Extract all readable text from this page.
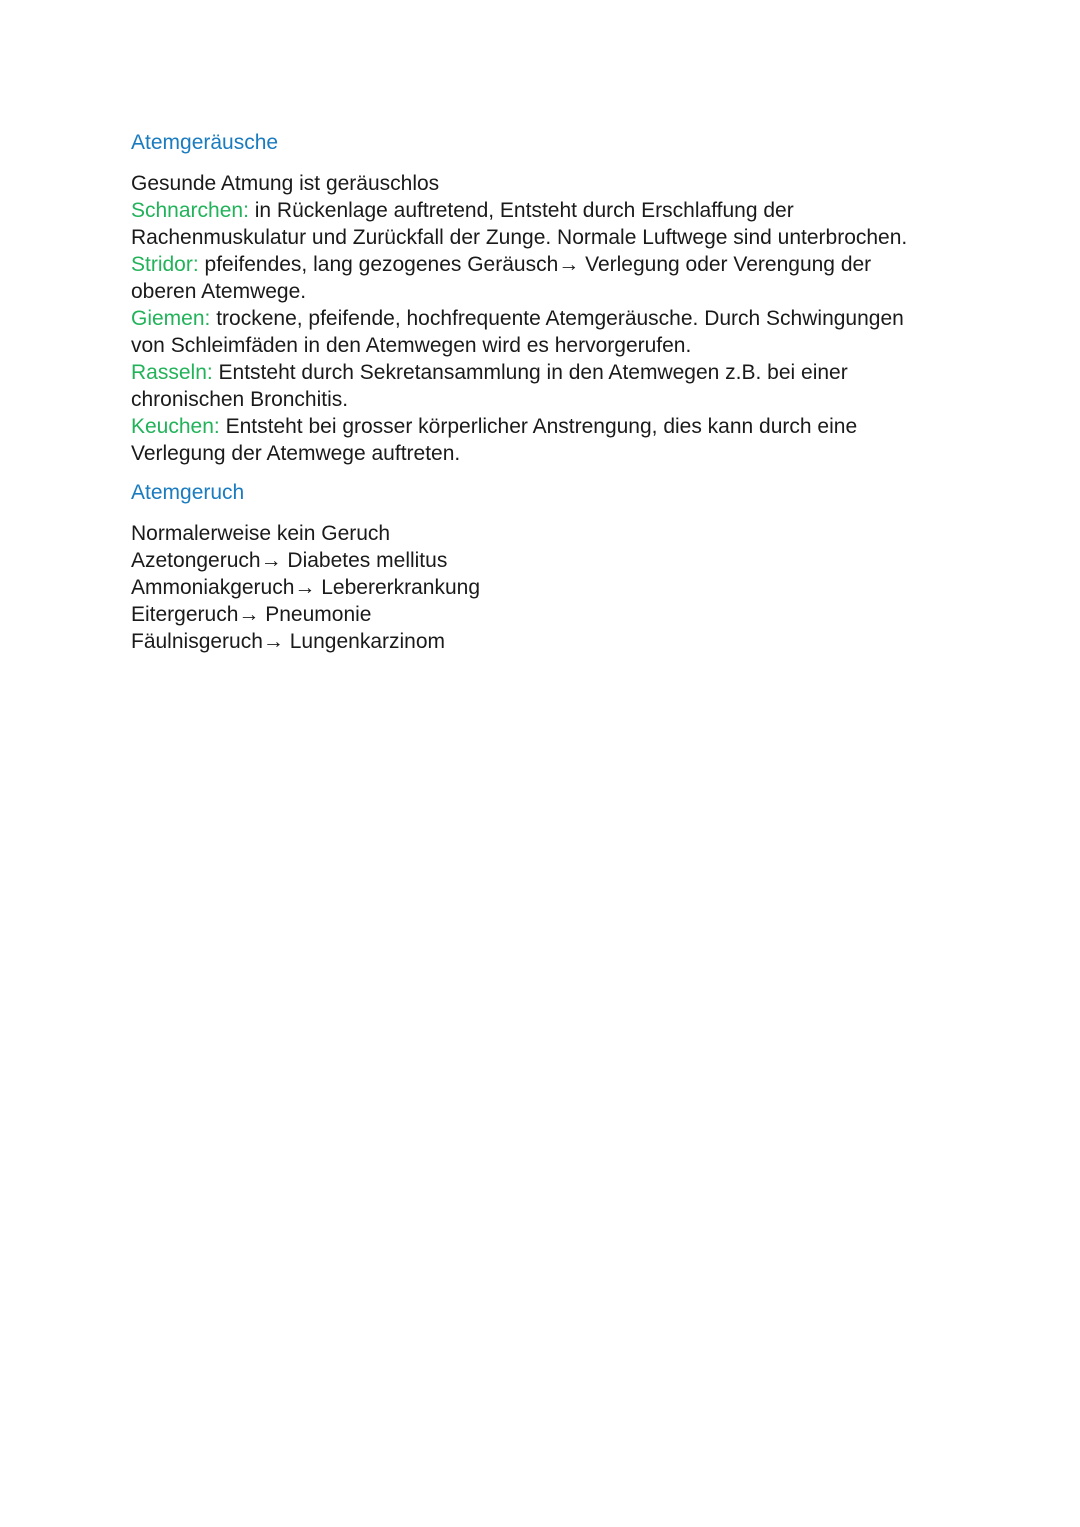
Atemgeräusche
Gesunde Atmung ist geräuschlos
Schnarchen: in Rückenlage auftretend, Entsteht durch Erschlaffung der
Rachenmuskulatur und Zurückfall der Zunge. Normale Luftwege sind unterbrochen.
Stridor: pfeifendes, lang gezogenes Geräusch→ Verlegung oder Verengung der
oberen Atemwege.
Giemen: trockene, pfeifende, hochfrequente Atemgeräusche. Durch Schwingungen
von Schleimfäden in den Atemwegen wird es hervorgerufen.
Rasseln: Entsteht durch Sekretansammlung in den Atemwegen z.B. bei einer
chronischen Bronchitis.
Keuchen: Entsteht bei grosser körperlicher Anstrengung, dies kann durch eine
Verlegung der Atemwege auftreten.
Atemgeruch
Normalerweise kein Geruch
Azetongeruch→ Diabetes mellitus
Ammoniakgeruch→ Lebererkrankung
Eitergeruch→ Pneumonie
Fäulnisgeruch→ Lungenkarzinom
